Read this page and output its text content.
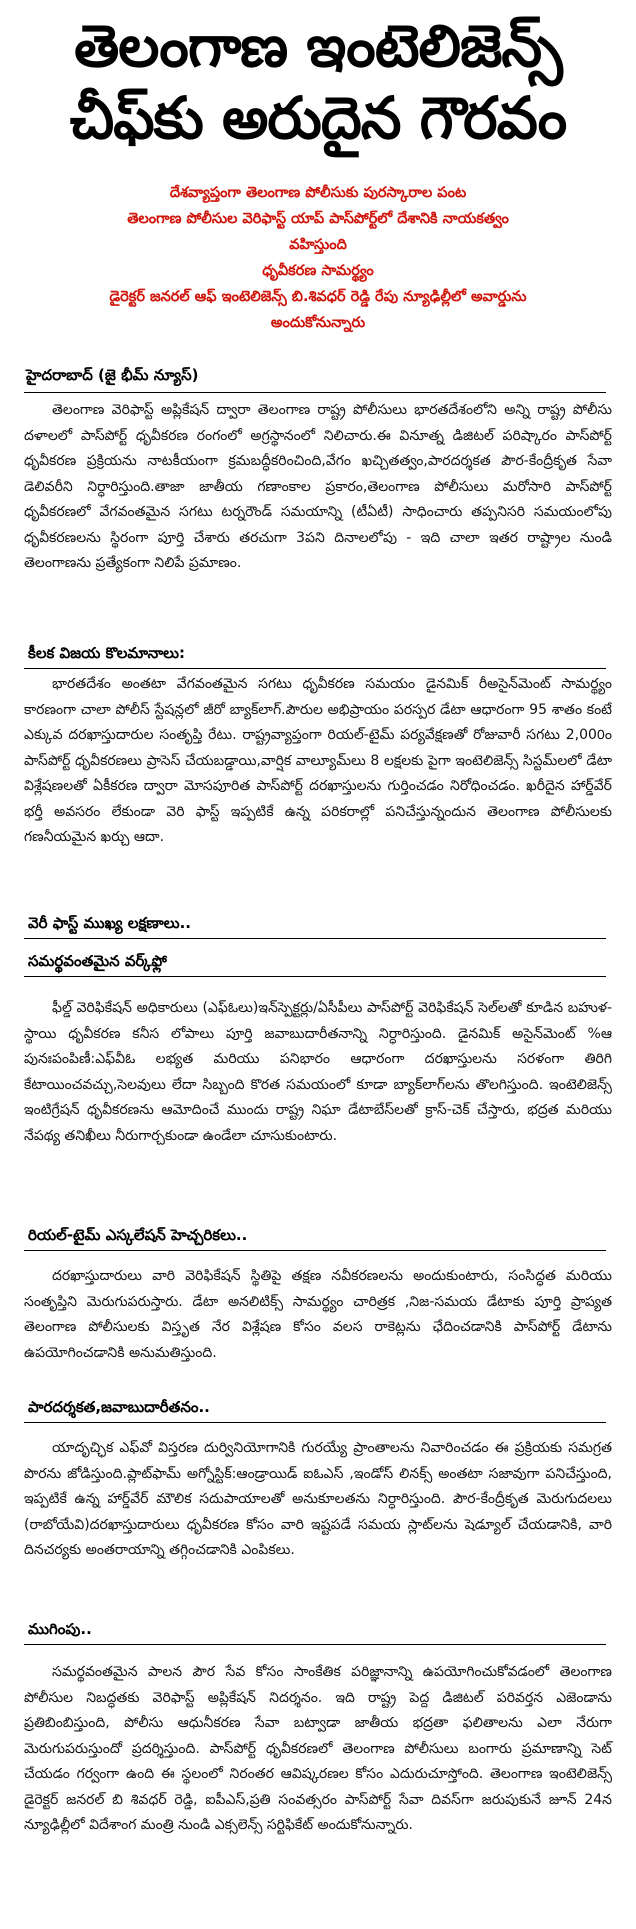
తెలంగాణ ఇంటెలిజెన్స్
చీఫ్‌కు అరుదైన గౌరవం
దేశవ్యాప్తంగా తెలంగాణ పోలీసుకు పురస్కారాల పంట
తెలంగాణ పోలీసుల వెరిఫాస్ట్ యాప్ పాస్‌పోర్ట్‌లో దేశానికి నాయకత్వం
వహిస్తుంది
ధృవీకరణ సామర్థ్యం
డైరెక్టర్ జనరల్ ఆఫ్ ఇంటెలిజెన్స్ బి.శివధర్ రెడ్డి రేపు న్యూఢిల్లీలో అవార్డును
అందుకోనున్నారు
హైదరాబాద్ (జై భీమ్ న్యూస్)

తెలంగాణ వెరిఫాస్ట్ అప్లికేషన్ ద్వారా తెలంగాణ రాష్ట్ర పోలీసులు భారతదేశంలోని అన్ని రాష్ట్ర పోలీసు దళాలలో పాస్‌పోర్ట్ ధృవీకరణ రంగంలో అగ్రస్థానంలో నిలిచారు.ఈ వినూత్న డిజిటల్ పరిష్కారం పాస్‌పోర్ట్ ధృవీకరణ ప్రక్రియను నాటకీయంగా క్రమబద్ధీకరించింది,వేగం ఖచ్చితత్వం,పారదర్శకత పౌర-కేంద్రీకృత సేవా డెలివరీని నిర్ధారిస్తుంది.తాజా జాతీయ గణాంకాల ప్రకారం,తెలంగాణ పోలీసులు మరోసారి పాస్‌పోర్ట్ ధృవీకరణలో వేగవంతమైన సగటు టర్నరౌండ్ సమయాన్ని (టీఏటీ) సాధించారు తప్పనిసరి సమయంలోపు ధృవీకరణలను స్థిరంగా పూర్తి చేశారు తరచుగా 3పని దినాలలోపు - ఇది చాలా ఇతర రాష్ట్రాల నుండి తెలంగాణను ప్రత్యేకంగా నిలిపే ప్రమాణం.

కీలక విజయ కొలమానాలు:

భారతదేశం అంతటా వేగవంతమైన సగటు ధృవీకరణ సమయం డైనమిక్ రీఅసైన్‌మెంట్ సామర్థ్యం కారణంగా చాలా పోలీస్ స్టేషన్లలో జీరో బ్యాక్‌లాగ్.పౌరుల అభిప్రాయం పరస్పర డేటా ఆధారంగా 95 శాతం కంటే ఎక్కువ దరఖాస్తుదారుల సంతృప్తి రేటు. రాష్ట్రవ్యాప్తంగా రియల్-టైమ్ పర్యవేక్షణతో రోజువారీ సగటు 2,000ం పాస్‌పోర్ట్ ధృవీకరణలు ప్రాసెస్ చేయబడ్డాయి,వార్షిక వాల్యూమ్‌లు 8 లక్షలకు పైగా ఇంటెలిజెన్స్ సిస్టమ్‌లలో డేటా విశ్లేషణలతో ఏకీకరణ ద్వారా మోసపూరిత పాస్‌పోర్ట్ దరఖాస్తులను గుర్తించడం నిరోధించడం. ఖరీదైన హార్డ్‌వేర్ భర్తీ అవసరం లేకుండా వెరి ఫాస్ట్ ఇప్పటికే ఉన్న పరికరాల్లో పనిచేస్తున్నందున తెలంగాణ పోలీసులకు గణనీయమైన ఖర్చు ఆదా.

వెరీ ఫాస్ట్ ముఖ్య లక్షణాలు..
సమర్థవంతమైన వర్క్‌ఫ్లో

ఫీల్డ్ వెరిఫికేషన్ అధికారులు (ఎఫ్‌ఓలు)ఇన్‌స్పెక్టర్లు/ఏసీపీలు పాస్‌పోర్ట్ వెరిఫికేషన్ సెల్‌లతో కూడిన బహుళ-స్థాయి ధృవీకరణ కనీస లోపాలు పూర్తి జవాబుదారీతనాన్ని నిర్ధారిస్తుంది. డైనమిక్ అసైన్‌మెంట్ %ఆ పునఃపంపిణీ:ఎఫ్‌వీఓ లభ్యత మరియు పనిభారం ఆధారంగా దరఖాస్తులను సరళంగా తిరిగి కేటాయించవచ్చు,సెలవులు లేదా సిబ్బంది కొరత సమయంలో కూడా బ్యాక్‌లాగ్‌లను తొలగిస్తుంది. ఇంటెలిజెన్స్ ఇంటిగ్రేషన్ ధృవీకరణను ఆమోదించే ముందు రాష్ట్ర నిఘా డేటాబేస్‌లతో క్రాస్-చెక్ చేస్తారు, భద్రత మరియు నేపథ్య తనిఖీలు నీరుగార్చకుండా ఉండేలా చూసుకుంటారు.

రియల్-టైమ్ ఎస్కలేషన్ హెచ్చరికలు..

దరఖాస్తుదారులు వారి వెరిఫికేషన్ స్థితిపై తక్షణ నవీకరణలను అందుకుంటారు, సంసిద్ధత మరియు సంతృప్తిని మెరుగుపరుస్తారు. డేటా అనలిటిక్స్ సామర్థ్యం చారిత్రక ,నిజ-సమయ డేటాకు పూర్తి ప్రాప్యత తెలంగాణ పోలీసులకు విస్తృత నేర విశ్లేషణ కోసం వలస రాకెట్లను ఛేదించడానికి పాస్‌పోర్ట్ డేటాను ఉపయోగించడానికి అనుమతిస్తుంది.

పారదర్శకత,జవాబుదారీతనం..

యాదృచ్ఛిక ఎఫ్‌వో విస్తరణ దుర్వినియోగానికి గురయ్యే ప్రాంతాలను నివారించడం ఈ ప్రక్రియకు సమగ్రత పొరను జోడిస్తుంది.ప్లాట్‌ఫామ్ అగ్నోస్టిక్:ఆండ్రాయిడ్ ఐఓఎస్ ,ఇండోస్ లినక్స్ అంతటా సజావుగా పనిచేస్తుంది, ఇప్పటికే ఉన్న హార్డ్‌వేర్ మౌలిక సదుపాయాలతో అనుకూలతను నిర్ధారిస్తుంది. పౌర-కేంద్రీకృత మెరుగుదలలు (రాబోయేవి)దరఖాస్తుదారులు ధృవీకరణ కోసం వారి ఇష్టపడే సమయ స్లాట్‌లను షెడ్యూల్ చేయడానికి, వారి దినచర్యకు అంతరాయాన్ని తగ్గించడానికి ఎంపికలు.

ముగింపు..

సమర్థవంతమైన పాలన పౌర సేవ కోసం సాంకేతిక పరిజ్ఞానాన్ని ఉపయోగించుకోవడంలో తెలంగాణ పోలీసుల నిబద్ధతకు వెరిఫాస్ట్ అప్లికేషన్ నిదర్శనం. ఇది రాష్ట్ర పెద్ద డిజిటల్ పరివర్తన ఎజెండాను ప్రతిబింబిస్తుంది, పోలీసు ఆధునీకరణ సేవా బట్వాడా జాతీయ భద్రతా ఫలితాలను ఎలా నేరుగా మెరుగుపరుస్తుందో ప్రదర్శిస్తుంది. పాస్‌పోర్ట్ ధృవీకరణలో తెలంగాణ పోలీసులు బంగారు ప్రమాణాన్ని సెట్ చేయడం గర్వంగా ఉంది ఈ స్థలంలో నిరంతర ఆవిష్కరణల కోసం ఎదురుచూస్తోంది. తెలంగాణ ఇంటెలిజెన్స్ డైరెక్టర్ జనరల్ బి శివధర్ రెడ్డి, ఐపీఎస్,ప్రతి సంవత్సరం పాస్‌పోర్ట్ సేవా దివస్‌గా జరుపుకునే జూన్ 24న న్యూఢిల్లీలో విదేశాంగ మంత్రి నుండి ఎక్సలెన్స్ సర్టిఫికేట్ అందుకోనున్నారు.
